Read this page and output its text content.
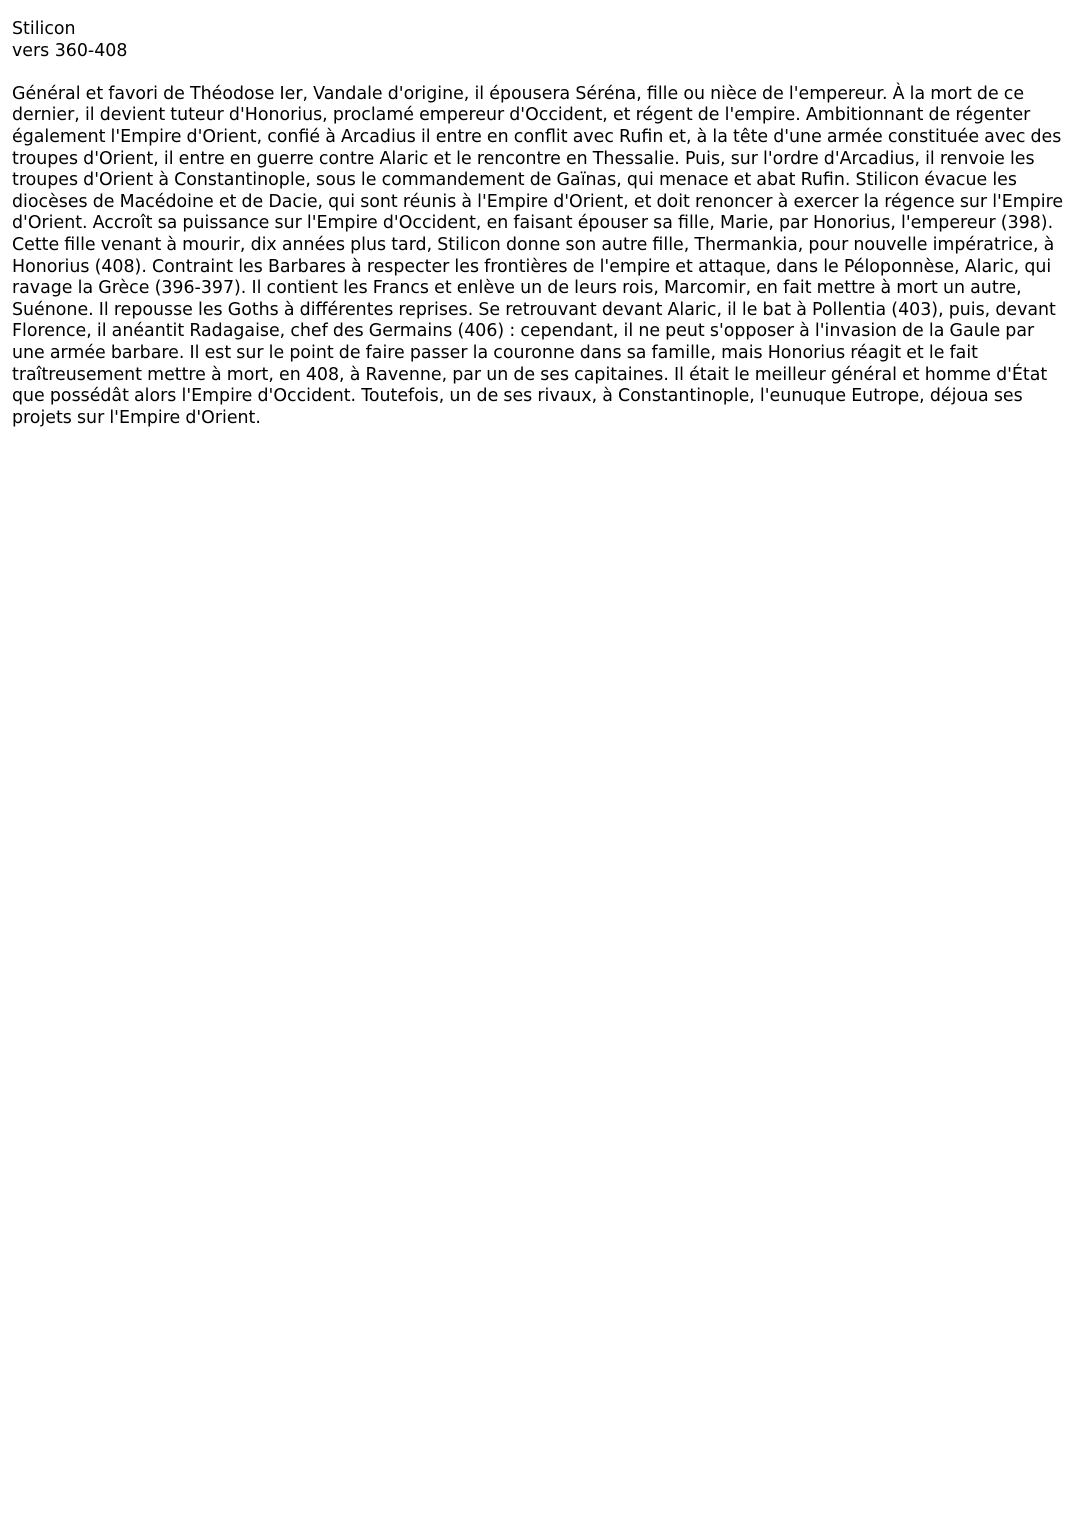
Stilicon

vers 360-408

Général et favori de Théodose Ier, Vandale d'origine, il épousera Séréna, fille ou nièce de l'empereur. À la mort de ce dernier, il devient tuteur d'Honorius, proclamé empereur d'Occident, et régent de l'empire. Ambitionnant de régenter également l'Empire d'Orient, confié à Arcadius il entre en conflit avec Rufin et, à la tête d'une armée constituée avec des troupes d'Orient, il entre en guerre contre Alaric et le rencontre en Thessalie. Puis, sur l'ordre d'Arcadius, il renvoie les troupes d'Orient à Constantinople, sous le commandement de Gaïnas, qui menace et abat Rufin. Stilicon évacue les diocèses de Macédoine et de Dacie, qui sont réunis à l'Empire d'Orient, et doit renoncer à exercer la régence sur l'Empire d'Orient. Accroît sa puissance sur l'Empire d'Occident, en faisant épouser sa fille, Marie, par Honorius, l'empereur (398). Cette fille venant à mourir, dix années plus tard, Stilicon donne son autre fille, Thermankia, pour nouvelle impératrice, à Honorius (408). Contraint les Barbares à respecter les frontières de l'empire et attaque, dans le Péloponnèse, Alaric, qui ravage la Grèce (396-397). Il contient les Francs et enlève un de leurs rois, Marcomir, en fait mettre à mort un autre, Suénone. Il repousse les Goths à différentes reprises. Se retrouvant devant Alaric, il le bat à Pollentia (403), puis, devant Florence, il anéantit Radagaise, chef des Germains (406) : cependant, il ne peut s'opposer à l'invasion de la Gaule par une armée barbare. Il est sur le point de faire passer la couronne dans sa famille, mais Honorius réagit et le fait traîtreusement mettre à mort, en 408, à Ravenne, par un de ses capitaines. Il était le meilleur général et homme d'État que possédât alors l'Empire d'Occident. Toutefois, un de ses rivaux, à Constantinople, l'eunuque Eutrope, déjoua ses projets sur l'Empire d'Orient.
